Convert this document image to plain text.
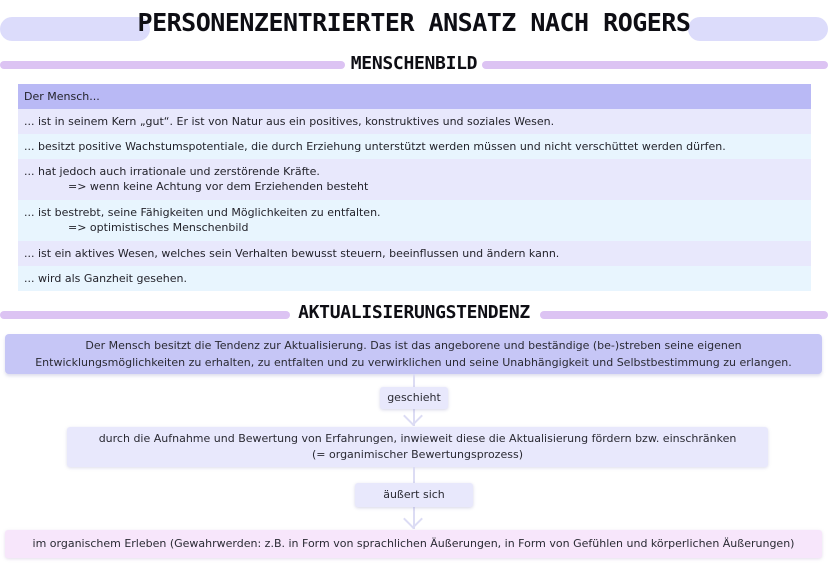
PERSONENZENTRIERTER ANSATZ NACH ROGERS
MENSCHENBILD
Der Mensch...
... ist in seinem Kern „gut“. Er ist von Natur aus ein positives, konstruktives und soziales Wesen.
... besitzt positive Wachstumspotentiale, die durch Erziehung unterstützt werden müssen und nicht verschüttet werden dürfen.
... hat jedoch auch irrationale und zerstörende Kräfte.
=> wenn keine Achtung vor dem Erziehenden besteht
... ist bestrebt, seine Fähigkeiten und Möglichkeiten zu entfalten.
=> optimistisches Menschenbild
... ist ein aktives Wesen, welches sein Verhalten bewusst steuern, beeinflussen und ändern kann.
... wird als Ganzheit gesehen.
AKTUALISIERUNGSTENDENZ
Der Mensch besitzt die Tendenz zur Aktualisierung. Das ist das angeborene und beständige (be-)streben seine eigenen
Entwicklungsmöglichkeiten zu erhalten, zu entfalten und zu verwirklichen und seine Unabhängigkeit und Selbstbestimmung zu erlangen.
geschieht
durch die Aufnahme und Bewertung von Erfahrungen, inwieweit diese die Aktualisierung fördern bzw. einschränken
(= organimischer Bewertungsprozess)
äußert sich
im organischem Erleben (Gewahrwerden: z.B. in Form von sprachlichen Äußerungen, in Form von Gefühlen und körperlichen Äußerungen)
